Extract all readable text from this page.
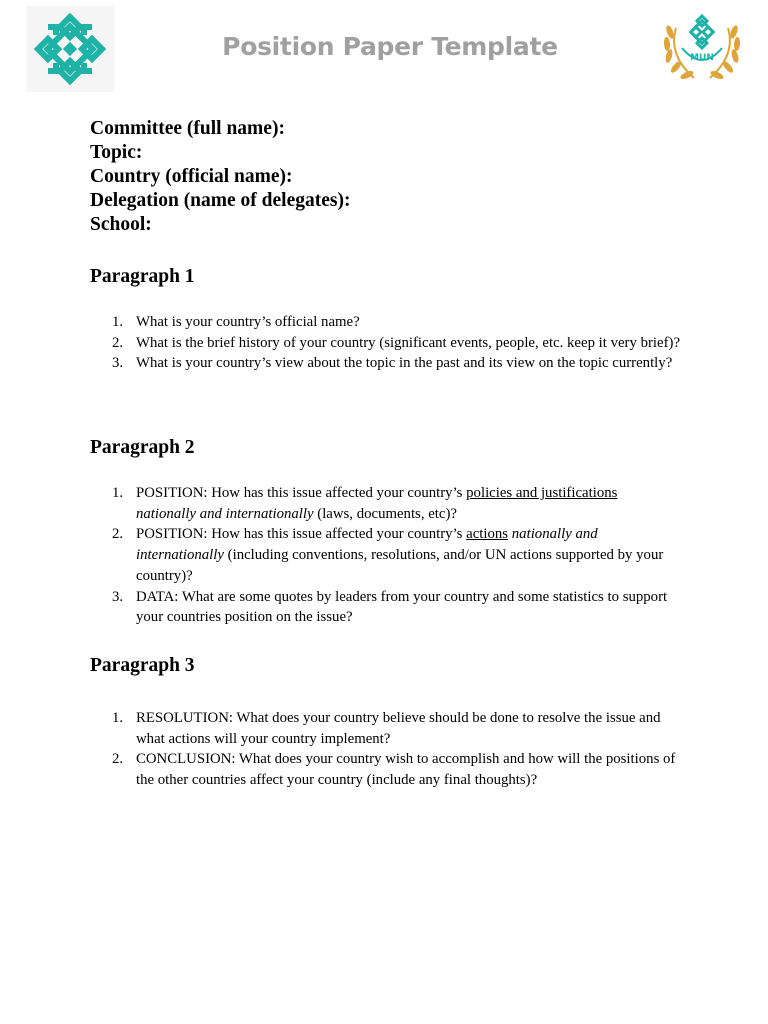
Position Paper Template	MUN
Committee (full name):
Topic:
Country (official name):
Delegation (name of delegates):
School:
Paragraph 1
1. What is your country’s official name?
2. What is the brief history of your country (significant events, people, etc. keep it very brief)?
3. What is your country’s view about the topic in the past and its view on the topic currently?
Paragraph 2
1. POSITION: How has this issue affected your country’s policies and justifications nationally and internationally (laws, documents, etc)?
2. POSITION: How has this issue affected your country’s actions nationally and internationally (including conventions, resolutions, and/or UN actions supported by your country)?
3. DATA: What are some quotes by leaders from your country and some statistics to support your countries position on the issue?
Paragraph 3
1. RESOLUTION: What does your country believe should be done to resolve the issue and what actions will your country implement?
2. CONCLUSION: What does your country wish to accomplish and how will the positions of the other countries affect your country (include any final thoughts)?
